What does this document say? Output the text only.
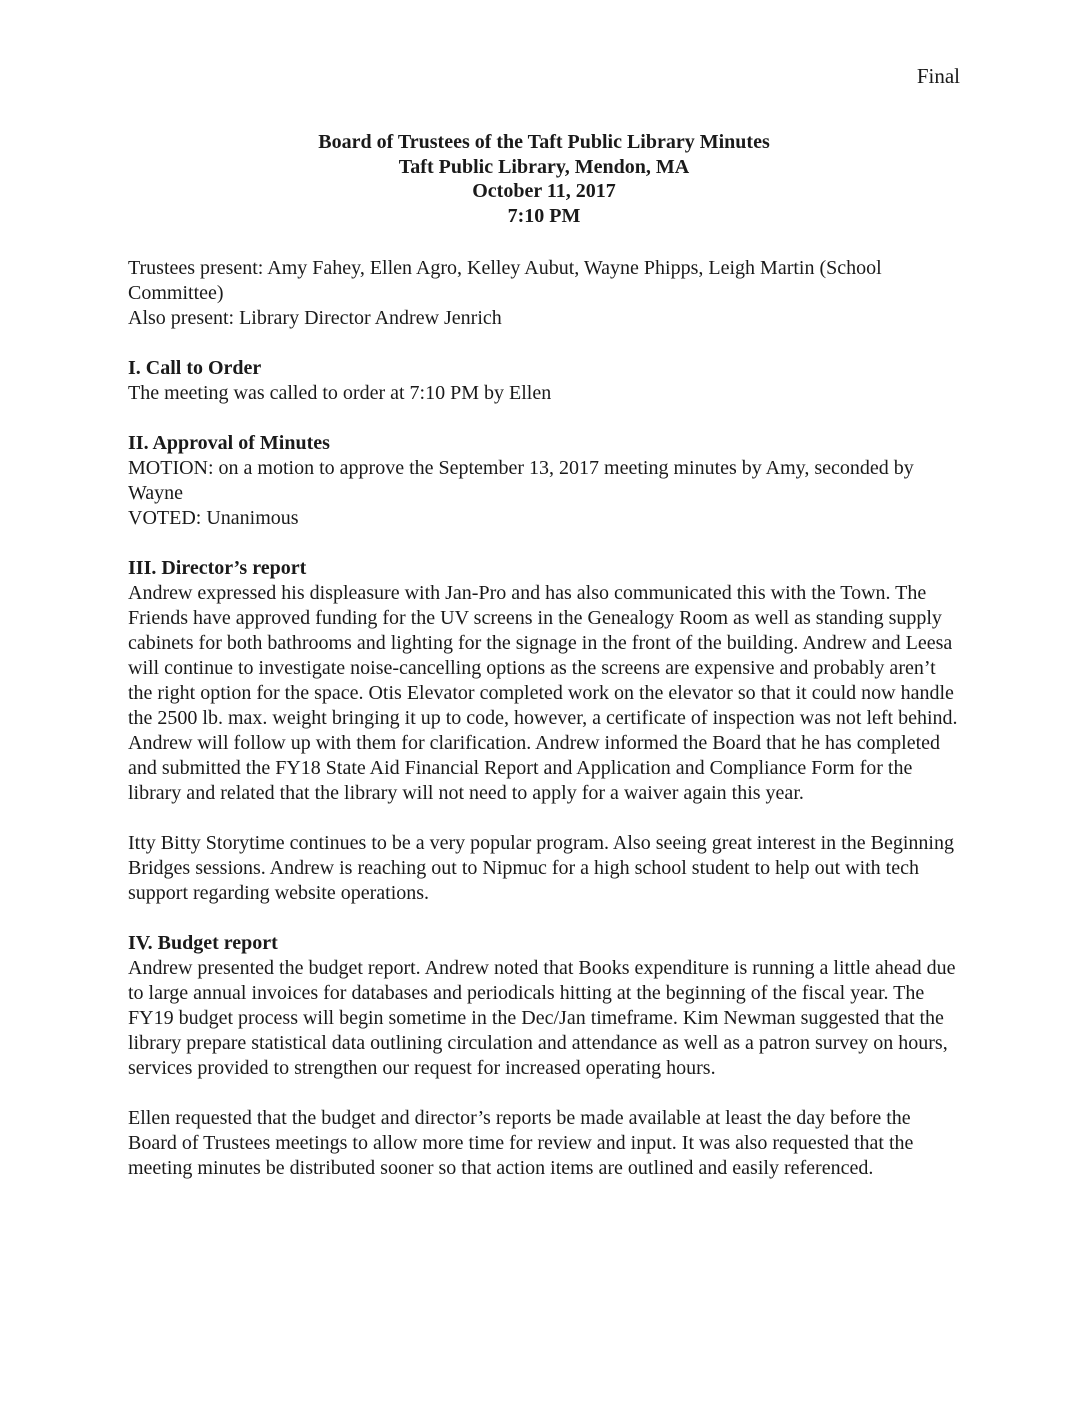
Final
Board of Trustees of the Taft Public Library Minutes
Taft Public Library, Mendon, MA
October 11, 2017
7:10 PM

Trustees present: Amy Fahey, Ellen Agro, Kelley Aubut, Wayne Phipps, Leigh Martin (School Committee)

Also present: Library Director Andrew Jenrich

I. Call to Order

The meeting was called to order at 7:10 PM by Ellen

II. Approval of Minutes

MOTION: on a motion to approve the September 13, 2017 meeting minutes by Amy, seconded by Wayne

VOTED: Unanimous

III. Director’s report

Andrew expressed his displeasure with Jan-Pro and has also communicated this with the Town. The Friends have approved funding for the UV screens in the Genealogy Room as well as standing supply cabinets for both bathrooms and lighting for the signage in the front of the building. Andrew and Leesa will continue to investigate noise-cancelling options as the screens are expensive and probably aren’t the right option for the space. Otis Elevator completed work on the elevator so that it could now handle the 2500 lb. max. weight bringing it up to code, however, a certificate of inspection was not left behind. Andrew will follow up with them for clarification. Andrew informed the Board that he has completed and submitted the FY18 State Aid Financial Report and Application and Compliance Form for the library and related that the library will not need to apply for a waiver again this year.

Itty Bitty Storytime continues to be a very popular program. Also seeing great interest in the Beginning Bridges sessions. Andrew is reaching out to Nipmuc for a high school student to help out with tech support regarding website operations.

IV. Budget report

Andrew presented the budget report. Andrew noted that Books expenditure is running a little ahead due to large annual invoices for databases and periodicals hitting at the beginning of the fiscal year. The FY19 budget process will begin sometime in the Dec/Jan timeframe. Kim Newman suggested that the library prepare statistical data outlining circulation and attendance as well as a patron survey on hours, services provided to strengthen our request for increased operating hours.

Ellen requested that the budget and director’s reports be made available at least the day before the Board of Trustees meetings to allow more time for review and input. It was also requested that the meeting minutes be distributed sooner so that action items are outlined and easily referenced.
